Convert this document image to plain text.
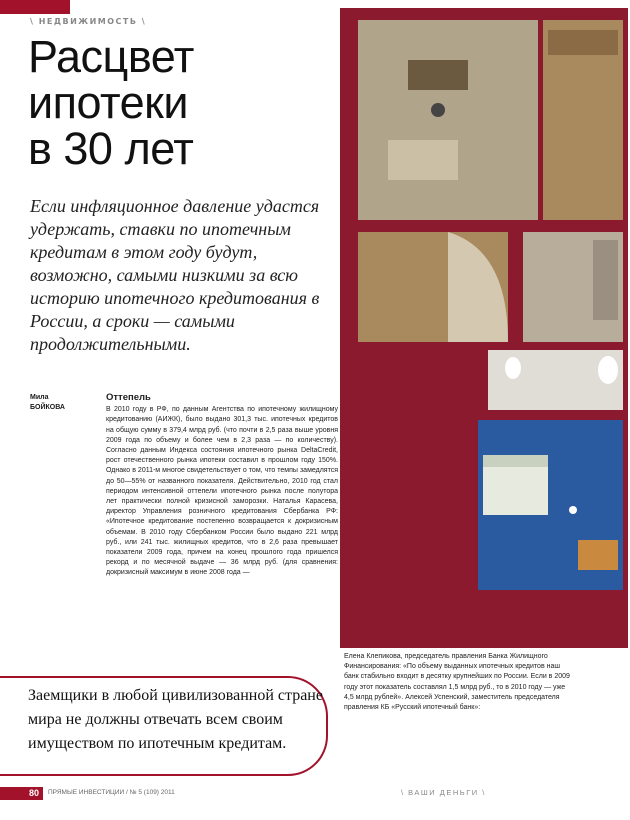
\ НЕДВИЖИМОСТЬ \
Расцвет
ипотеки
в 30 лет

Если инфляционное давление удастся удержать, ставки по ипотечным кредитам в этом году будут, возможно, самыми низкими за всю историю ипотечного кредитования в России, а сроки — самыми продолжительными.

Мила
БОЙКОВА
Оттепель
В 2010 году в РФ, по данным Агентства по ипотечному жилищному кредитованию (АИЖК), было выдано 301,3 тыс. ипотечных кредитов на общую сумму в 379,4 млрд руб. (что почти в 2,5 раза выше уровня 2009 года по объему и более чем в 2,3 раза — по количеству). Согласно данным Индекса состояния ипотечного рынка DeltaCredit, рост отечественного рынка ипотеки составил в прошлом году 150%. Однако в 2011-м многое свидетельствует о том, что темпы замедлятся до 50—55% от названного показателя. Действительно, 2010 год стал периодом интенсивной оттепели ипотечного рынка после полутора лет практически полной кризисной заморозки. Наталья Карасева, директор Управления розничного кредитования Сбербанка РФ: «Ипотечное кредитование постепенно возвращается к докризисным объемам. В 2010 году Сбербанком России было выдано 221 млрд руб., или 241 тыс. жилищных кредитов, что в 2,6 раза превышает показатели 2009 года, причем на конец прошлого года пришелся рекорд и по месячной выдаче — 36 млрд руб. (для сравнения: докризисный максимум в июне 2008 года —
Елена Клепикова, председатель правления Банка Жилищного Финансирования: «По объему выданных ипотечных кредитов наш банк стабильно входит в десятку крупнейших по России. Если в 2009 году этот показатель составлял 1,5 млрд руб., то в 2010 году — уже 4,5 млрд рублей». Алексей Успенский, заместитель председателя правления КБ «Русский ипотечный банк»:
Заемщики в любой цивилизованной стране мира не должны отвечать всем своим имуществом по ипотечным кредитам.
80	ПРЯМЫЕ ИНВЕСТИЦИИ / № 5 (109) 2011	\ ВАШИ ДЕНЬГИ \
